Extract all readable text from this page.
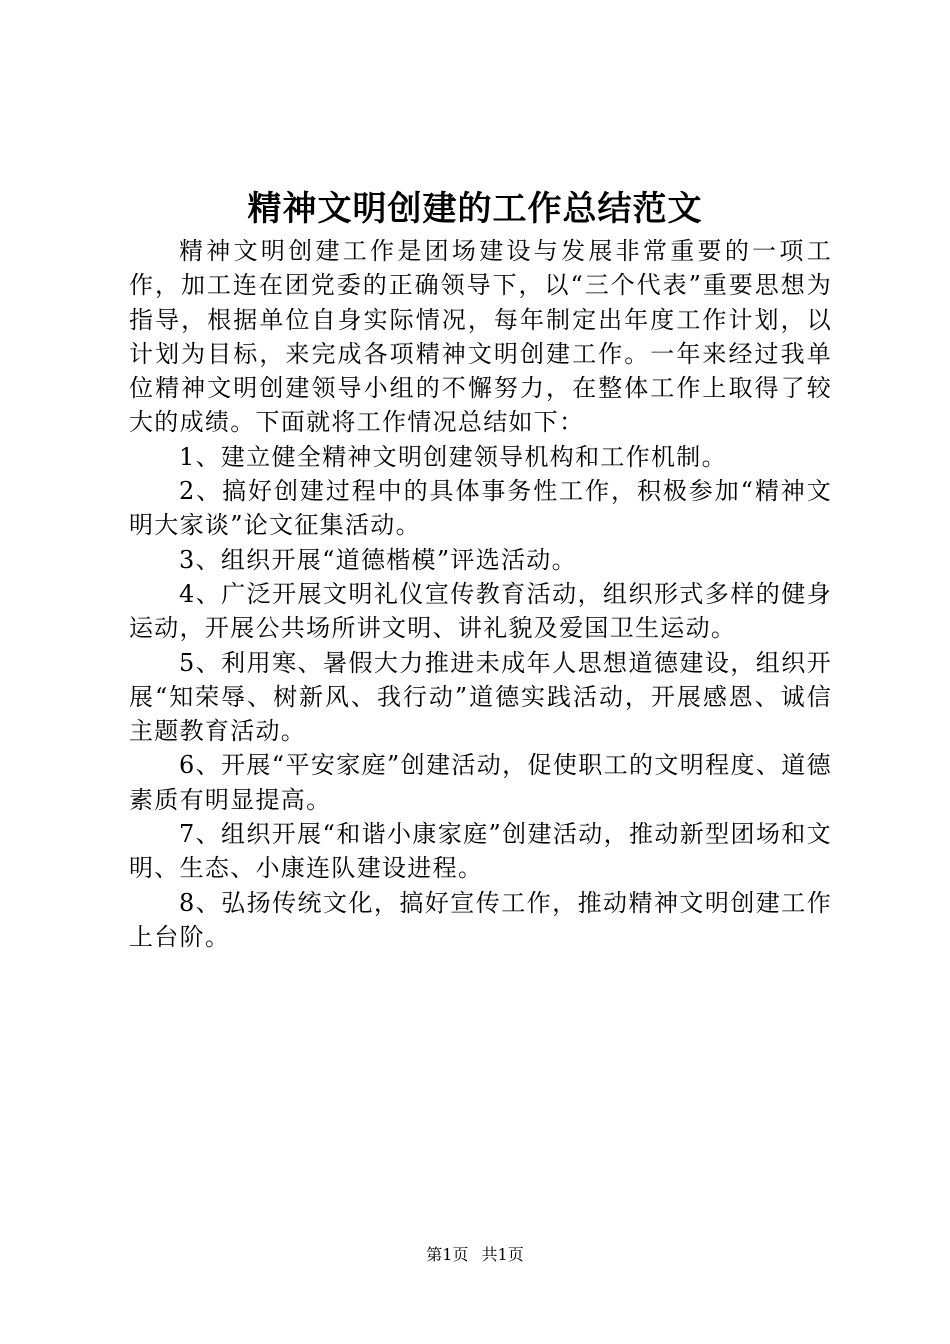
精神文明创建的工作总结范文

精神文明创建工作是团场建设与发展非常重要的一项工作，加工连在团党委的正确领导下，以“三个代表”重要思想为指导，根据单位自身实际情况，每年制定出年度工作计划，以计划为目标，来完成各项精神文明创建工作。一年来经过我单位精神文明创建领导小组的不懈努力，在整体工作上取得了较大的成绩。下面就将工作情况总结如下：

1、建立健全精神文明创建领导机构和工作机制。

2、搞好创建过程中的具体事务性工作，积极参加“精神文明大家谈”论文征集活动。

3、组织开展“道德楷模”评选活动。

4、广泛开展文明礼仪宣传教育活动，组织形式多样的健身运动，开展公共场所讲文明、讲礼貌及爱国卫生运动。

5、利用寒、暑假大力推进未成年人思想道德建设，组织开展“知荣辱、树新风、我行动”道德实践活动，开展感恩、诚信主题教育活动。

6、开展“平安家庭”创建活动，促使职工的文明程度、道德素质有明显提高。

7、组织开展“和谐小康家庭”创建活动，推动新型团场和文明、生态、小康连队建设进程。

8、弘扬传统文化，搞好宣传工作，推动精神文明创建工作上台阶。

第1页 共1页
